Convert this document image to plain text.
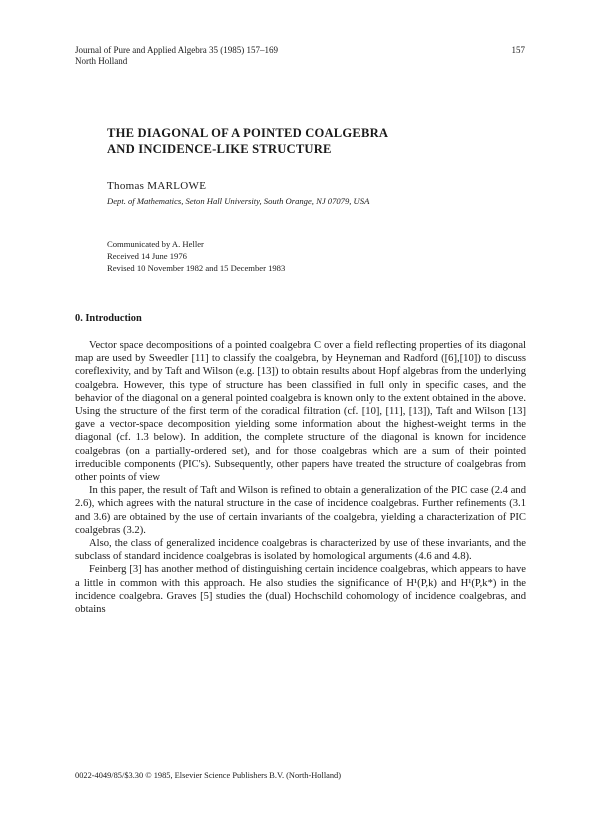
Journal of Pure and Applied Algebra 35 (1985) 157–169
North Holland
157
THE DIAGONAL OF A POINTED COALGEBRA
AND INCIDENCE-LIKE STRUCTURE
Thomas MARLOWE
Dept. of Mathematics, Seton Hall University, South Orange, NJ 07079, USA
Communicated by A. Heller
Received 14 June 1976
Revised 10 November 1982 and 15 December 1983
0. Introduction

Vector space decompositions of a pointed coalgebra C over a field reflecting properties of its diagonal map are used by Sweedler [11] to classify the coalgebra, by Heyneman and Radford ([6],[10]) to discuss coreflexivity, and by Taft and Wilson (e.g. [13]) to obtain results about Hopf algebras from the underlying coalgebra. However, this type of structure has been classified in full only in specific cases, and the behavior of the diagonal on a general pointed coalgebra is known only to the extent obtained in the above. Using the structure of the first term of the coradical filtration (cf. [10], [11], [13]), Taft and Wilson [13] gave a vector-space decomposition yielding some information about the highest-weight terms in the diagonal (cf. 1.3 below). In addition, the complete structure of the diagonal is known for incidence coalgebras (on a partially-ordered set), and for those coalgebras which are a sum of their pointed irreducible components (PIC's). Subsequently, other papers have treated the structure of coalgebras from other points of view

In this paper, the result of Taft and Wilson is refined to obtain a generalization of the PIC case (2.4 and 2.6), which agrees with the natural structure in the case of incidence coalgebras. Further refinements (3.1 and 3.6) are obtained by the use of certain invariants of the coalgebra, yielding a characterization of PIC coalgebras (3.2).

Also, the class of generalized incidence coalgebras is characterized by use of these invariants, and the subclass of standard incidence coalgebras is isolated by homological arguments (4.6 and 4.8).

Feinberg [3] has another method of distinguishing certain incidence coalgebras, which appears to have a little in common with this approach. He also studies the significance of H¹(P,k) and H¹(P,k*) in the incidence coalgebra. Graves [5] studies the (dual) Hochschild cohomology of incidence coalgebras, and obtains

0022-4049/85/$3.30 © 1985, Elsevier Science Publishers B.V. (North-Holland)
